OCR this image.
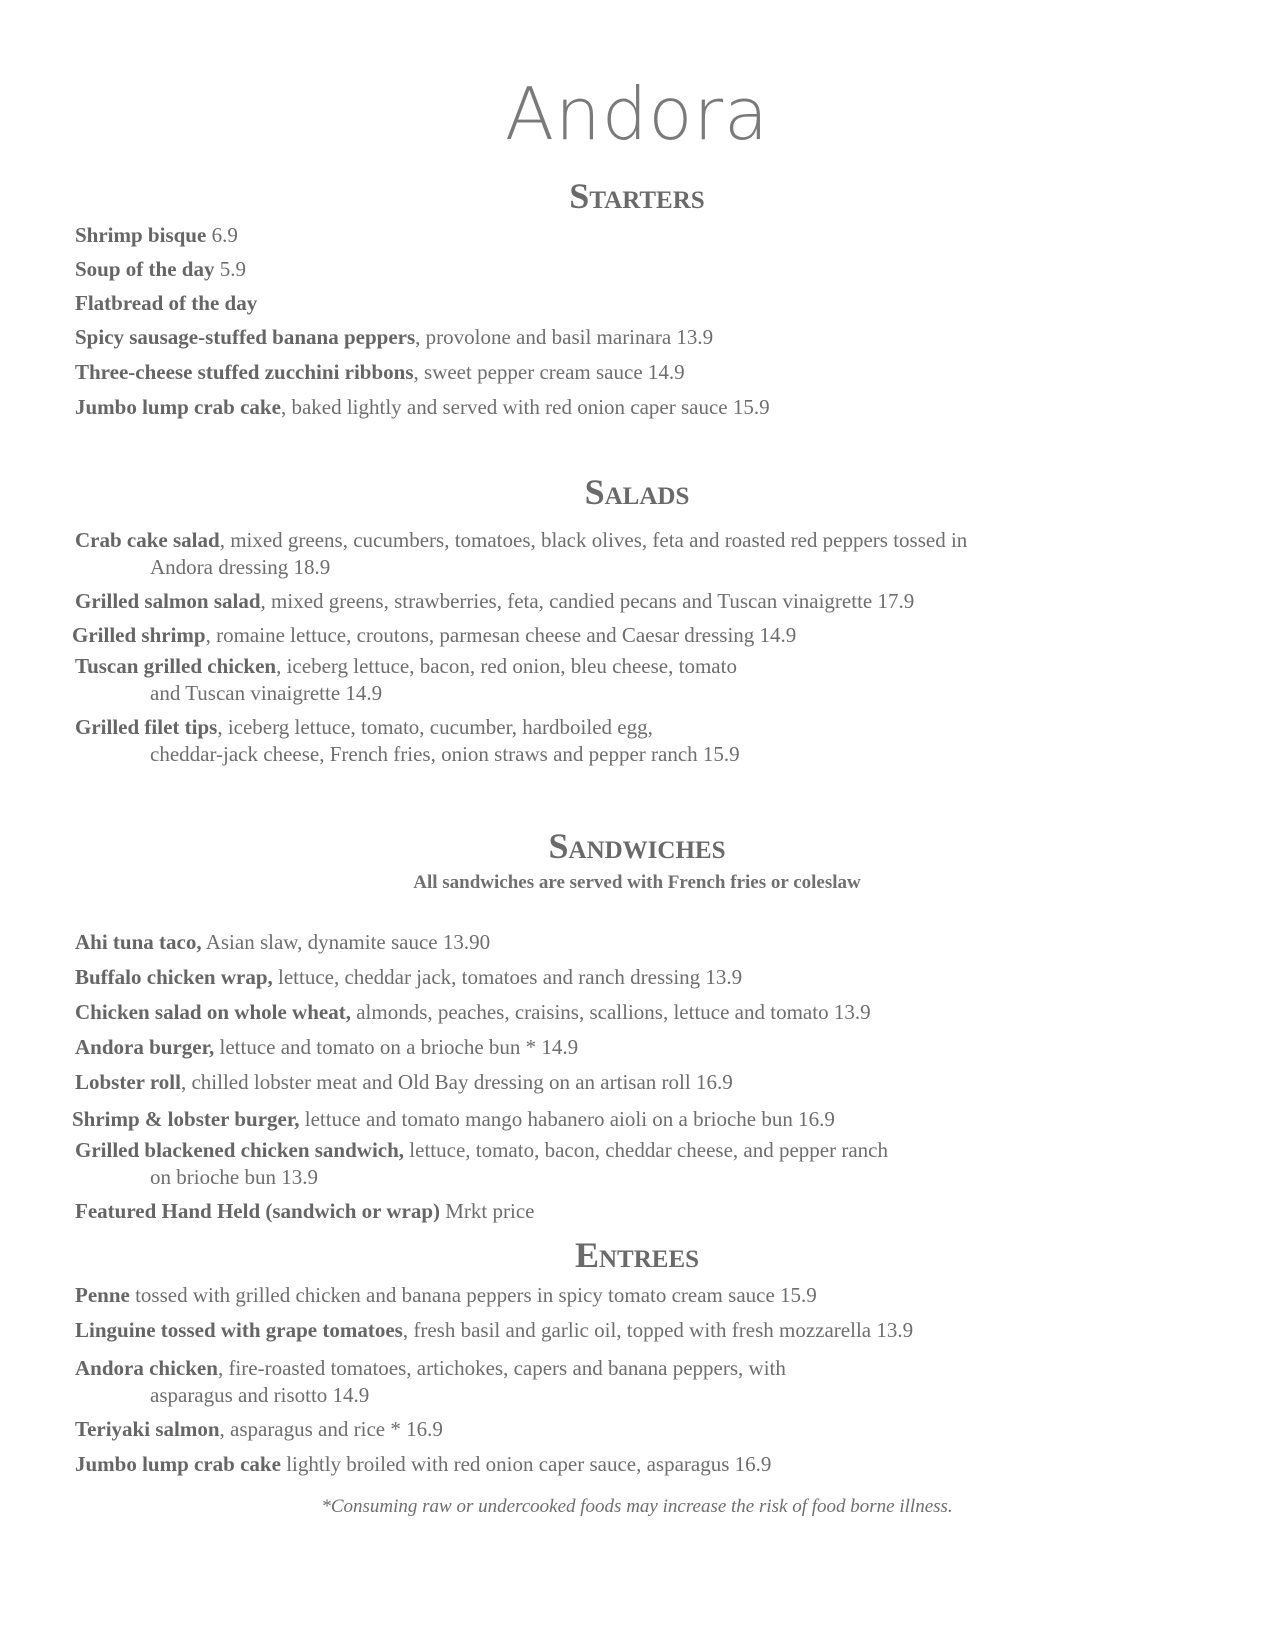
Andora
Starters
Shrimp bisque 6.9
Soup of the day 5.9
Flatbread of the day
Spicy sausage-stuffed banana peppers, provolone and basil marinara 13.9
Three-cheese stuffed zucchini ribbons, sweet pepper cream sauce 14.9
Jumbo lump crab cake, baked lightly and served with red onion caper sauce 15.9
Salads
Crab cake salad, mixed greens, cucumbers, tomatoes, black olives, feta and roasted red peppers tossed in
Andora dressing 18.9
Grilled salmon salad, mixed greens, strawberries, feta, candied pecans and Tuscan vinaigrette 17.9
Grilled shrimp, romaine lettuce, croutons, parmesan cheese and Caesar dressing 14.9
Tuscan grilled chicken, iceberg lettuce, bacon, red onion, bleu cheese, tomato
and Tuscan vinaigrette 14.9
Grilled filet tips, iceberg lettuce, tomato, cucumber, hardboiled egg,
cheddar-jack cheese, French fries, onion straws and pepper ranch 15.9
Sandwiches
All sandwiches are served with French fries or coleslaw
Ahi tuna taco, Asian slaw, dynamite sauce 13.90
Buffalo chicken wrap, lettuce, cheddar jack, tomatoes and ranch dressing 13.9
Chicken salad on whole wheat, almonds, peaches, craisins, scallions, lettuce and tomato 13.9
Andora burger, lettuce and tomato on a brioche bun * 14.9
Lobster roll, chilled lobster meat and Old Bay dressing on an artisan roll 16.9
Shrimp & lobster burger, lettuce and tomato mango habanero aioli on a brioche bun 16.9
Grilled blackened chicken sandwich, lettuce, tomato, bacon, cheddar cheese, and pepper ranch
on brioche bun 13.9
Featured Hand Held (sandwich or wrap) Mrkt price
Entrees
Penne tossed with grilled chicken and banana peppers in spicy tomato cream sauce 15.9
Linguine tossed with grape tomatoes, fresh basil and garlic oil, topped with fresh mozzarella 13.9
Andora chicken, fire-roasted tomatoes, artichokes, capers and banana peppers, with
asparagus and risotto 14.9
Teriyaki salmon, asparagus and rice * 16.9
Jumbo lump crab cake lightly broiled with red onion caper sauce, asparagus 16.9
*Consuming raw or undercooked foods may increase the risk of food borne illness.
